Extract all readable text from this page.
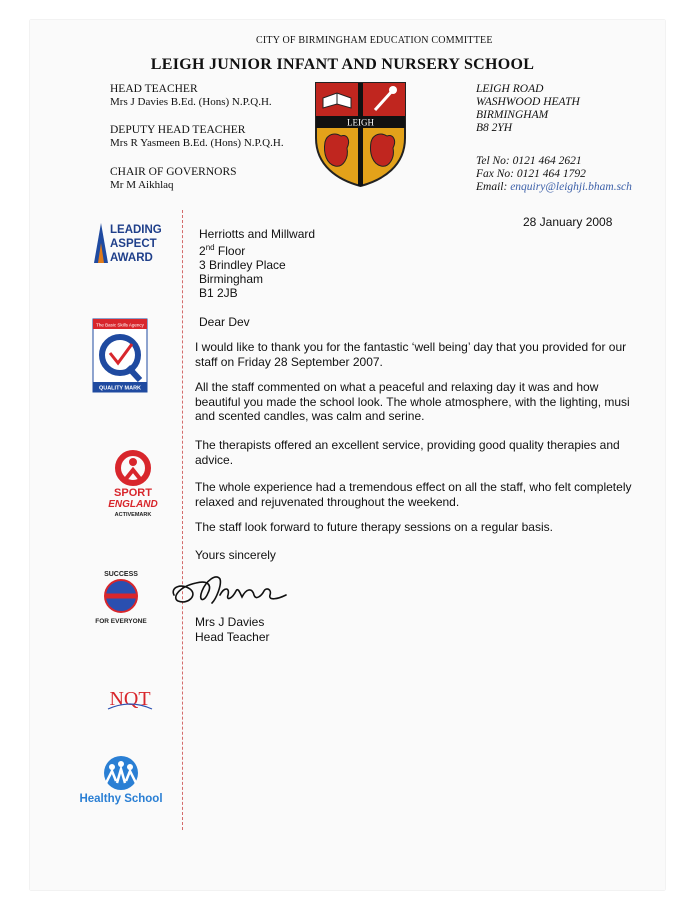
CITY OF BIRMINGHAM EDUCATION COMMITTEE
LEIGH JUNIOR INFANT AND NURSERY SCHOOL
HEAD TEACHER
Mrs J Davies B.Ed. (Hons) N.P.Q.H.
DEPUTY HEAD TEACHER
Mrs R Yasmeen B.Ed. (Hons) N.P.Q.H.
CHAIR OF GOVERNORS
Mr M Aikhlaq
LEIGH
LEIGH ROAD
WASHWOOD HEATH
BIRMINGHAM
B8 2YH
Tel No: 0121 464 2621
Fax No: 0121 464 1792
Email: enquiry@leighji.bham.sch
LEADING
ASPECT
AWARD
The Basic Skills Agency
QUALITY MARK
SPORT
ENGLAND
ACTIVEMARK
SUCCESS
FOR EVERYONE
NQT
Healthy School
28 January 2008
Herriotts and Millward
2nd Floor
3 Brindley Place
Birmingham
B1 2JB
Dear Dev
I would like to thank you for the fantastic ‘well being’ day that you provided for our staff on Friday 28 September 2007.
All the staff commented on what a peaceful and relaxing day it was and how beautiful you made the school look. The whole atmosphere, with the lighting, musi and scented candles, was calm and serine.
The therapists offered an excellent service, providing good quality therapies and advice.
The whole experience had a tremendous effect on all the staff, who felt completely relaxed and rejuvenated throughout the weekend.
The staff look forward to future therapy sessions on a regular basis.
Yours sincerely
Mrs J Davies
Head Teacher
